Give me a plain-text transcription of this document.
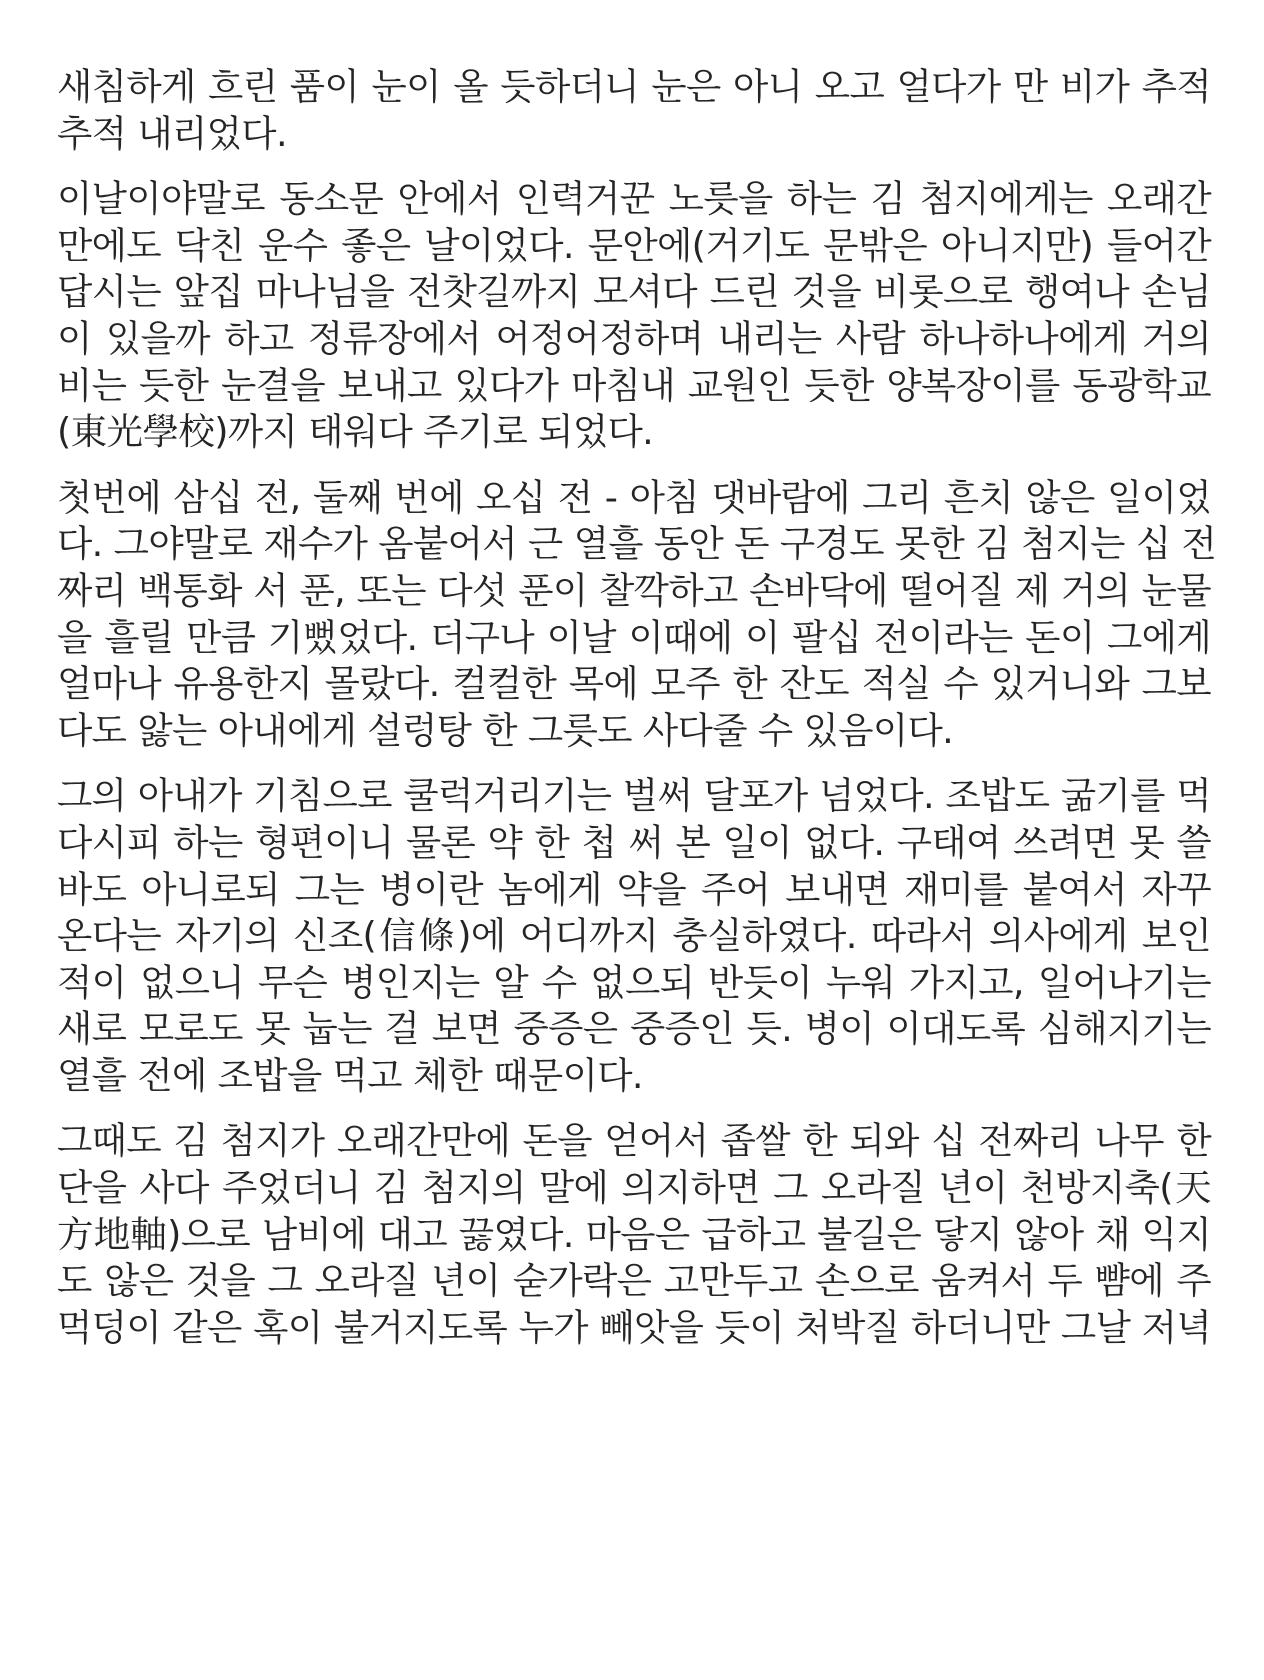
새침하게 흐린 품이 눈이 올 듯하더니 눈은 아니 오고 얼다가 만 비가 추적
추적 내리었다.
이날이야말로 동소문 안에서 인력거꾼 노릇을 하는 김 첨지에게는 오래간
만에도 닥친 운수 좋은 날이었다. 문안에(거기도 문밖은 아니지만) 들어간
답시는 앞집 마나님을 전찻길까지 모셔다 드린 것을 비롯으로 행여나 손님
이 있을까 하고 정류장에서 어정어정하며 내리는 사람 하나하나에게 거의
비는 듯한 눈결을 보내고 있다가 마침내 교원인 듯한 양복장이를 동광학교
(東光學校)까지 태워다 주기로 되었다.
첫번에 삼십 전, 둘째 번에 오십 전 - 아침 댓바람에 그리 흔치 않은 일이었
다. 그야말로 재수가 옴붙어서 근 열흘 동안 돈 구경도 못한 김 첨지는 십 전
짜리 백통화 서 푼, 또는 다섯 푼이 찰깍하고 손바닥에 떨어질 제 거의 눈물
을 흘릴 만큼 기뻤었다. 더구나 이날 이때에 이 팔십 전이라는 돈이 그에게
얼마나 유용한지 몰랐다. 컬컬한 목에 모주 한 잔도 적실 수 있거니와 그보
다도 앓는 아내에게 설렁탕 한 그릇도 사다줄 수 있음이다.
그의 아내가 기침으로 쿨럭거리기는 벌써 달포가 넘었다. 조밥도 굶기를 먹
다시피 하는 형편이니 물론 약 한 첩 써 본 일이 없다. 구태여 쓰려면 못 쓸
바도 아니로되 그는 병이란 놈에게 약을 주어 보내면 재미를 붙여서 자꾸
온다는 자기의 신조(信條)에 어디까지 충실하였다. 따라서 의사에게 보인
적이 없으니 무슨 병인지는 알 수 없으되 반듯이 누워 가지고, 일어나기는
새로 모로도 못 눕는 걸 보면 중증은 중증인 듯. 병이 이대도록 심해지기는
열흘 전에 조밥을 먹고 체한 때문이다.
그때도 김 첨지가 오래간만에 돈을 얻어서 좁쌀 한 되와 십 전짜리 나무 한
단을 사다 주었더니 김 첨지의 말에 의지하면 그 오라질 년이 천방지축(天
方地軸)으로 남비에 대고 끓였다. 마음은 급하고 불길은 닿지 않아 채 익지
도 않은 것을 그 오라질 년이 숟가락은 고만두고 손으로 움켜서 두 뺨에 주
먹덩이 같은 혹이 불거지도록 누가 빼앗을 듯이 처박질 하더니만 그날 저녁
